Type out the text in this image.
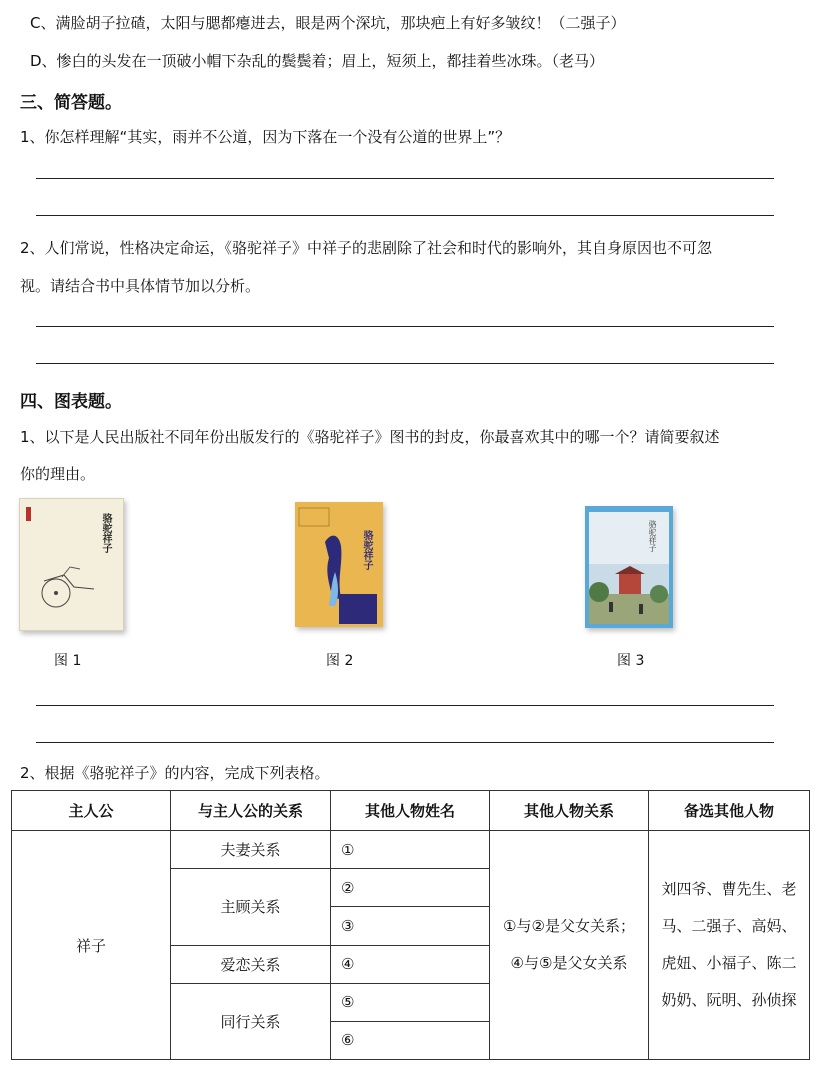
C、满脸胡子拉碴，太阳与腮都瘪进去，眼是两个深坑，那块疤上有好多皱纹！（二强子）
D、惨白的头发在一顶破小帽下杂乱的鬓鬓着；眉上，短须上，都挂着些冰珠。（老马）
三、简答题。
1、你怎样理解“其实，雨并不公道，因为下落在一个没有公道的世界上”？
2、人们常说，性格决定命运，《骆驼祥子》中祥子的悲剧除了社会和时代的影响外，其自身原因也不可忽
视。请结合书中具体情节加以分析。
四、图表题。
1、以下是人民出版社不同年份出版发行的《骆驼祥子》图书的封皮，你最喜欢其中的哪一个？请简要叙述
你的理由。
骆驼祥子
图 1
骆驼祥子
图 2
骆驼祥子
图 3
2、根据《骆驼祥子》的内容，完成下列表格。
主人公	与主人公的关系	其他人物姓名	其他人物关系	备选其他人物
祥子	夫妻关系	①	①与②是父女关系；④与⑤是父女关系	刘四爷、曹先生、老马、二强子、高妈、虎妞、小福子、陈二奶奶、阮明、孙侦探
	主顾关系	②		
		③		
	爱恋关系	④		
	同行关系	⑤		
		⑥		
